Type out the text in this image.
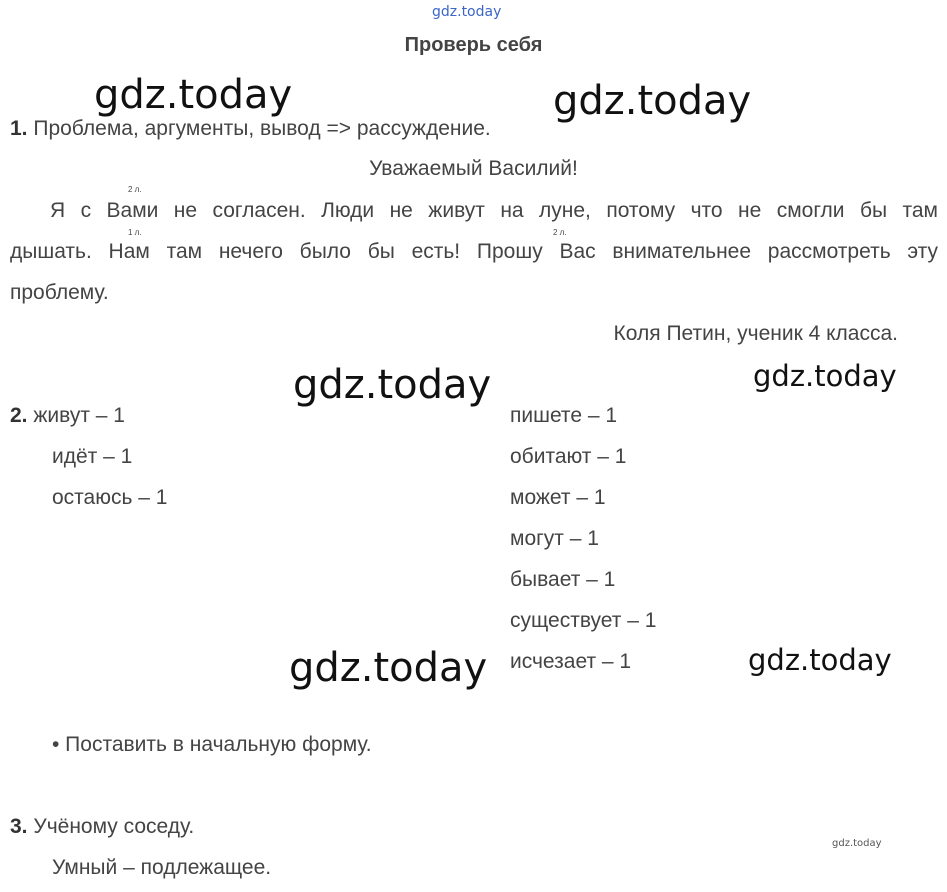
gdz.today
Проверь себя
gdz.today	gdz.today
1. Проблема, аргументы, вывод => рассуждение.
Уважаемый Василий!
2 л.
1 л.	2 л.
Я с Вами не согласен. Люди не живут на луне, потому что не смогли бы там
дышать. Нам там нечего было бы есть! Прошу Вас внимательнее рассмотреть эту
проблему.
Коля Петин, ученик 4 класса.
gdz.today	gdz.today
2. живут – 1
идёт – 1
остаюсь – 1
пишете – 1
обитают – 1
может – 1
могут – 1
бывает – 1
существует – 1
исчезает – 1
gdz.today	gdz.today
• Поставить в начальную форму.
3. Учёному соседу.
Умный – подлежащее.
gdz.today
